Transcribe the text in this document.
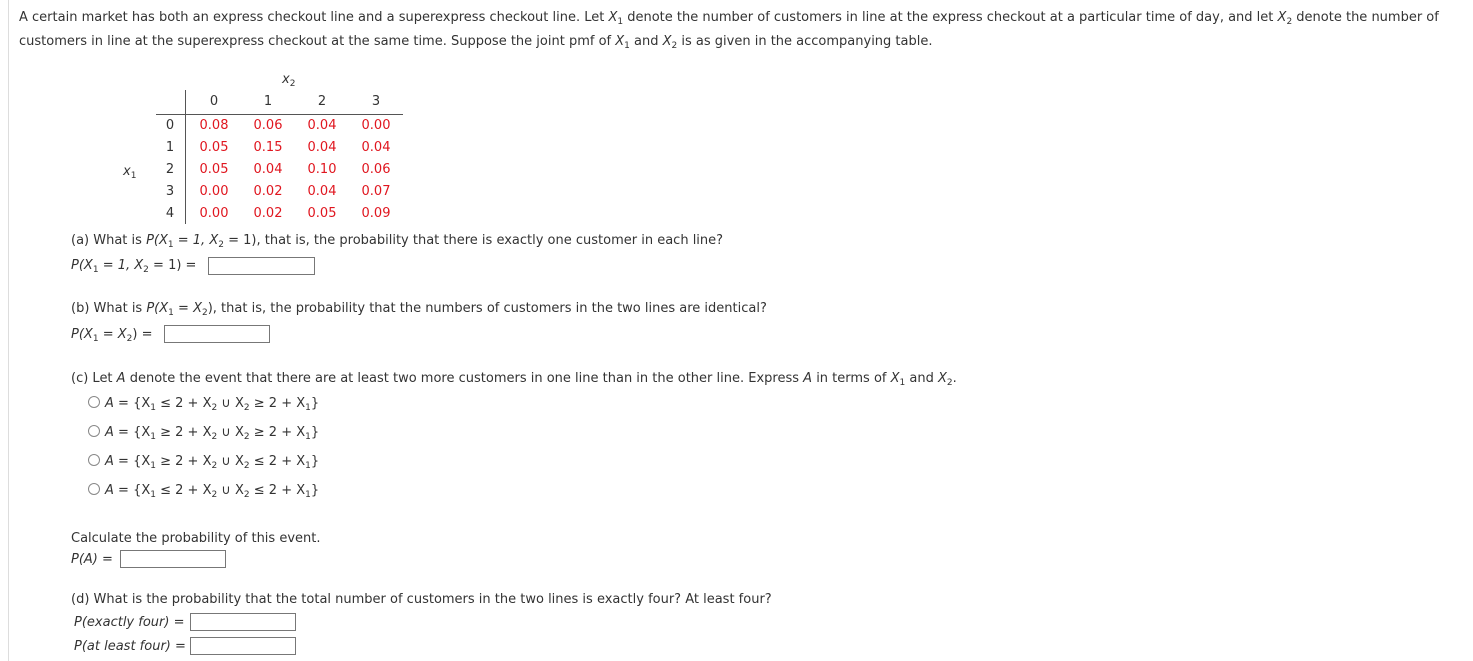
A certain market has both an express checkout line and a superexpress checkout line. Let $X_1$ denote the number of customers in line at the express checkout at a particular time of day, and let $X_2$ denote the number of customers in line at the superexpress checkout at the same time. Suppose the joint pmf of $X_1$ and $X_2$ is as given in the accompanying table.
$x_2$
$x_1$
0	1	2	3
0	0.08	0.06	0.04	0.00
1	0.05	0.15	0.04	0.04
2	0.05	0.04	0.10	0.06
3	0.00	0.02	0.04	0.07
4	0.00	0.02	0.05	0.09
(a) What is $P(X_1 = 1$, $X_2 = 1$), that is, the probability that there is exactly one customer in each line?
$P(X_1 = 1$, $X_2 = 1$) =
(b) What is $P(X_1 = X_2)$, that is, the probability that the numbers of customers in the two lines are identical?
$P(X_1 = X_2)$ =
(c) Let A denote the event that there are at least two more customers in one line than in the other line. Express A in terms of $X_1$ and $X_2$.
$A = \{X_1 \le 2 + X_2$ ∪ $X_2 \ge 2 + X_1$}
$A = \{X_1 \ge 2 + X_2$ ∪ $X_2 \ge 2 + X_1$}
$A = \{X_1 \ge 2 + X_2$ ∪ $X_2 \le 2 + X_1$}
$A = \{X_1 \le 2 + X_2$ ∪ $X_2 \le 2 + X_1$}
Calculate the probability of this event.
P(A) =
(d) What is the probability that the total number of customers in the two lines is exactly four? At least four?
P(exactly four) =
P(at least four) =
